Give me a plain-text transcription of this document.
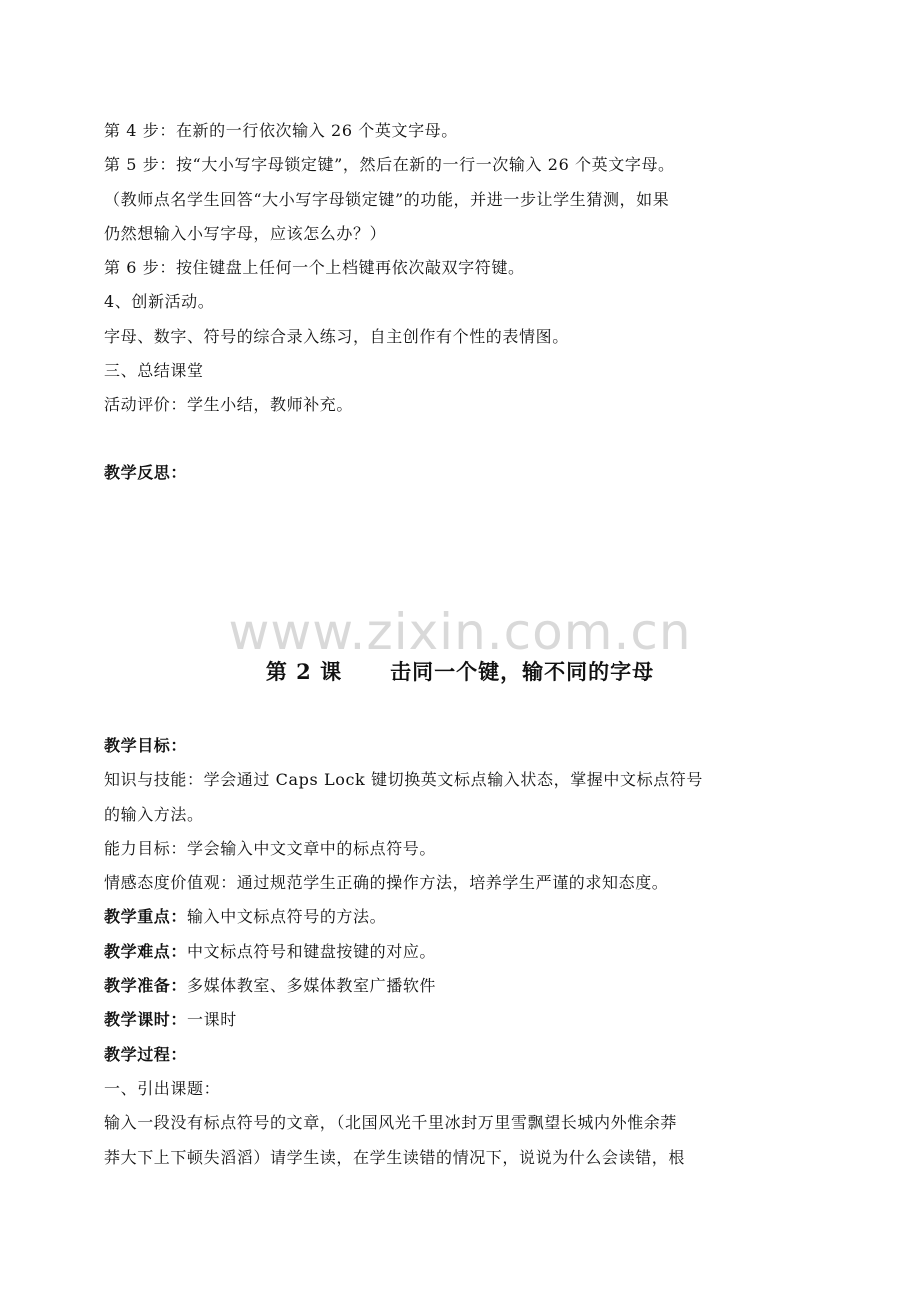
第 4 步：在新的一行依次输入 26 个英文字母。
第 5 步：按“大小写字母锁定键”，然后在新的一行一次输入 26 个英文字母。
（教师点名学生回答“大小写字母锁定键”的功能，并进一步让学生猜测，如果
仍然想输入小写字母，应该怎么办？）
第 6 步：按住键盘上任何一个上档键再依次敲双字符键。
4、创新活动。
字母、数字、符号的综合录入练习，自主创作有个性的表情图。
三、总结课堂
活动评价：学生小结，教师补充。
教学反思：
www.zixin.com.cn
第 2 课 击同一个键，输不同的字母
教学目标：
知识与技能：学会通过 Caps Lock 键切换英文标点输入状态，掌握中文标点符号
的输入方法。
能力目标：学会输入中文文章中的标点符号。
情感态度价值观：通过规范学生正确的操作方法，培养学生严谨的求知态度。
教学重点：输入中文标点符号的方法。
教学难点：中文标点符号和键盘按键的对应。
教学准备：多媒体教室、多媒体教室广播软件
教学课时：一课时
教学过程：
一、引出课题：
输入一段没有标点符号的文章，（北国风光千里冰封万里雪飘望长城内外惟余莽
莽大下上下顿失滔滔）请学生读，在学生读错的情况下，说说为什么会读错，根
